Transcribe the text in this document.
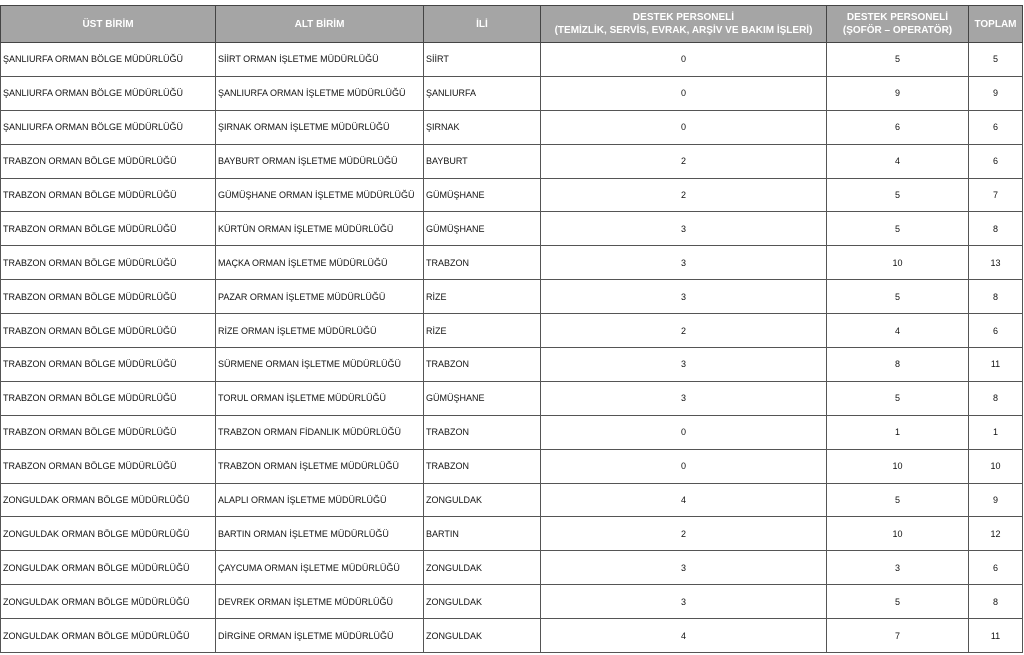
ÜST BİRİM	ALT BİRİM	İLİ	DESTEK PERSONELİ
(TEMİZLİK, SERVİS, EVRAK, ARŞİV VE BAKIM İŞLERİ)	DESTEK PERSONELİ
(ŞOFÖR – OPERATÖR)	TOPLAM
ŞANLIURFA ORMAN BÖLGE MÜDÜRLÜĞÜ	SİİRT ORMAN İŞLETME MÜDÜRLÜĞÜ	SİİRT	0	5	5
ŞANLIURFA ORMAN BÖLGE MÜDÜRLÜĞÜ	ŞANLIURFA ORMAN İŞLETME MÜDÜRLÜĞÜ	ŞANLIURFA	0	9	9
ŞANLIURFA ORMAN BÖLGE MÜDÜRLÜĞÜ	ŞIRNAK ORMAN İŞLETME MÜDÜRLÜĞÜ	ŞIRNAK	0	6	6
TRABZON ORMAN BÖLGE MÜDÜRLÜĞÜ	BAYBURT ORMAN İŞLETME MÜDÜRLÜĞÜ	BAYBURT	2	4	6
TRABZON ORMAN BÖLGE MÜDÜRLÜĞÜ	GÜMÜŞHANE ORMAN İŞLETME MÜDÜRLÜĞÜ	GÜMÜŞHANE	2	5	7
TRABZON ORMAN BÖLGE MÜDÜRLÜĞÜ	KÜRTÜN ORMAN İŞLETME MÜDÜRLÜĞÜ	GÜMÜŞHANE	3	5	8
TRABZON ORMAN BÖLGE MÜDÜRLÜĞÜ	MAÇKA ORMAN İŞLETME MÜDÜRLÜĞÜ	TRABZON	3	10	13
TRABZON ORMAN BÖLGE MÜDÜRLÜĞÜ	PAZAR ORMAN İŞLETME MÜDÜRLÜĞÜ	RİZE	3	5	8
TRABZON ORMAN BÖLGE MÜDÜRLÜĞÜ	RİZE ORMAN İŞLETME MÜDÜRLÜĞÜ	RİZE	2	4	6
TRABZON ORMAN BÖLGE MÜDÜRLÜĞÜ	SÜRMENE ORMAN İŞLETME MÜDÜRLÜĞÜ	TRABZON	3	8	11
TRABZON ORMAN BÖLGE MÜDÜRLÜĞÜ	TORUL ORMAN İŞLETME MÜDÜRLÜĞÜ	GÜMÜŞHANE	3	5	8
TRABZON ORMAN BÖLGE MÜDÜRLÜĞÜ	TRABZON ORMAN FİDANLIK MÜDÜRLÜĞÜ	TRABZON	0	1	1
TRABZON ORMAN BÖLGE MÜDÜRLÜĞÜ	TRABZON ORMAN İŞLETME MÜDÜRLÜĞÜ	TRABZON	0	10	10
ZONGULDAK ORMAN BÖLGE MÜDÜRLÜĞÜ	ALAPLI ORMAN İŞLETME MÜDÜRLÜĞÜ	ZONGULDAK	4	5	9
ZONGULDAK ORMAN BÖLGE MÜDÜRLÜĞÜ	BARTIN ORMAN İŞLETME MÜDÜRLÜĞÜ	BARTIN	2	10	12
ZONGULDAK ORMAN BÖLGE MÜDÜRLÜĞÜ	ÇAYCUMA ORMAN İŞLETME MÜDÜRLÜĞÜ	ZONGULDAK	3	3	6
ZONGULDAK ORMAN BÖLGE MÜDÜRLÜĞÜ	DEVREK ORMAN İŞLETME MÜDÜRLÜĞÜ	ZONGULDAK	3	5	8
ZONGULDAK ORMAN BÖLGE MÜDÜRLÜĞÜ	DİRGİNE ORMAN İŞLETME MÜDÜRLÜĞÜ	ZONGULDAK	4	7	11
